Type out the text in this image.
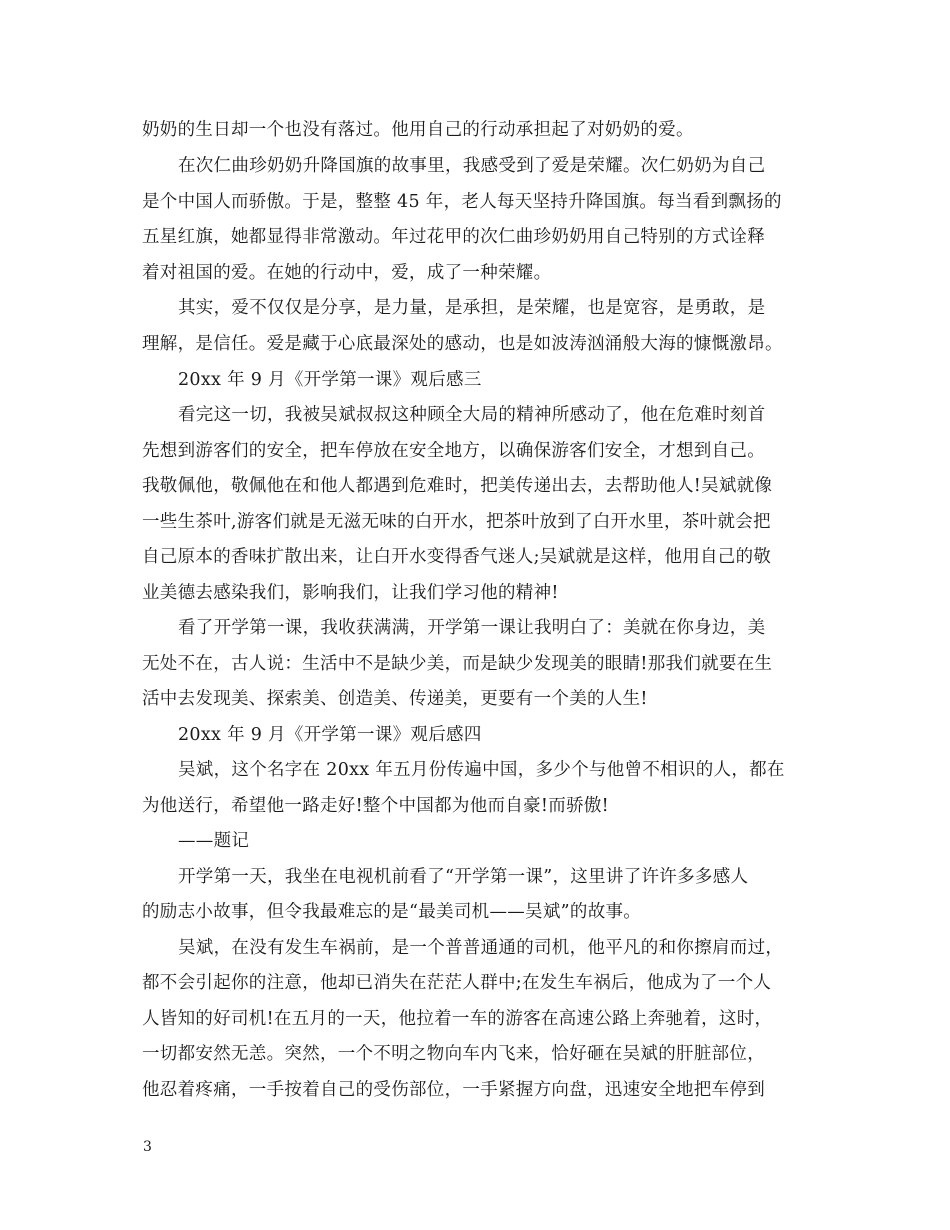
奶奶的生日却一个也没有落过。他用自己的行动承担起了对奶奶的爱。
在次仁曲珍奶奶升降国旗的故事里，我感受到了爱是荣耀。次仁奶奶为自己
是个中国人而骄傲。于是，整整 45 年，老人每天坚持升降国旗。每当看到飘扬的
五星红旗，她都显得非常激动。年过花甲的次仁曲珍奶奶用自己特别的方式诠释
着对祖国的爱。在她的行动中，爱，成了一种荣耀。
其实，爱不仅仅是分享，是力量，是承担，是荣耀，也是宽容，是勇敢，是
理解，是信任。爱是藏于心底最深处的感动，也是如波涛汹涌般大海的慷慨激昂。
20xx 年 9 月《开学第一课》观后感三
看完这一切，我被吴斌叔叔这种顾全大局的精神所感动了，他在危难时刻首
先想到游客们的安全，把车停放在安全地方，以确保游客们安全，才想到自己。
我敬佩他，敬佩他在和他人都遇到危难时，把美传递出去，去帮助他人!吴斌就像
一些生茶叶,游客们就是无滋无味的白开水，把茶叶放到了白开水里，茶叶就会把
自己原本的香味扩散出来，让白开水变得香气迷人;吴斌就是这样，他用自己的敬
业美德去感染我们，影响我们，让我们学习他的精神!
看了开学第一课，我收获满满，开学第一课让我明白了：美就在你身边，美
无处不在，古人说：生活中不是缺少美，而是缺少发现美的眼睛!那我们就要在生
活中去发现美、探索美、创造美、传递美，更要有一个美的人生!
20xx 年 9 月《开学第一课》观后感四
吴斌，这个名字在 20xx 年五月份传遍中国，多少个与他曾不相识的人，都在
为他送行，希望他一路走好!整个中国都为他而自豪!而骄傲!
——题记
开学第一天，我坐在电视机前看了“开学第一课”，这里讲了许许多多感人
的励志小故事，但令我最难忘的是“最美司机——吴斌”的故事。
吴斌，在没有发生车祸前，是一个普普通通的司机，他平凡的和你擦肩而过，
都不会引起你的注意，他却已消失在茫茫人群中;在发生车祸后，他成为了一个人
人皆知的好司机!在五月的一天，他拉着一车的游客在高速公路上奔驰着，这时，
一切都安然无恙。突然，一个不明之物向车内飞来，恰好砸在吴斌的肝脏部位，
他忍着疼痛，一手按着自己的受伤部位，一手紧握方向盘，迅速安全地把车停到
3
